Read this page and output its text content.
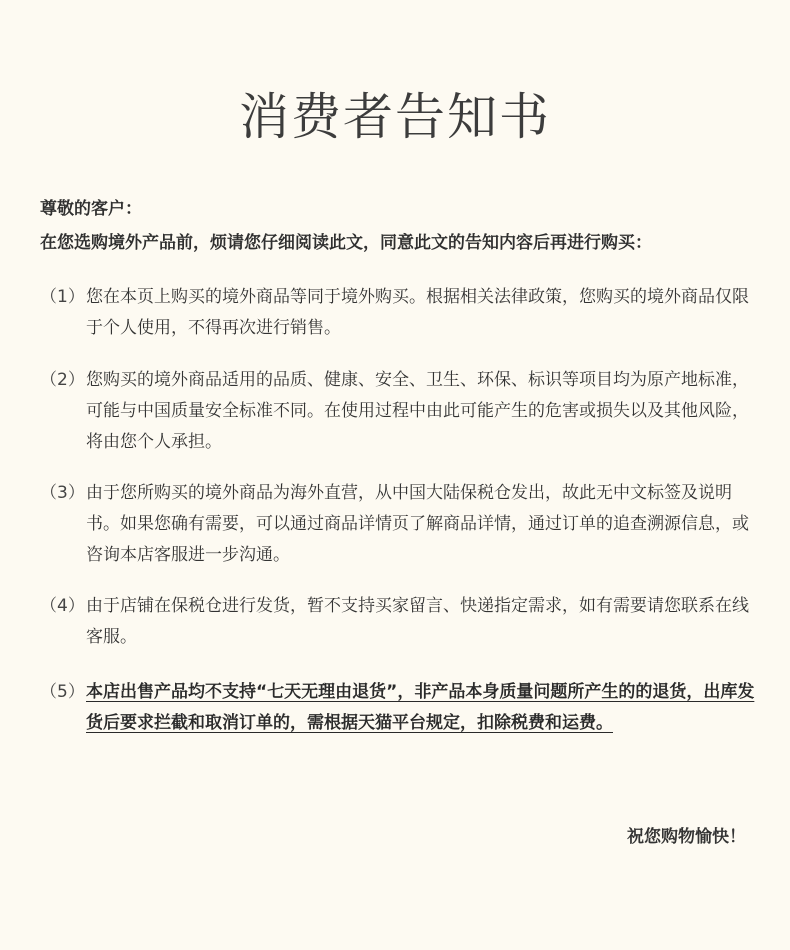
消费者告知书
尊敬的客户：
在您选购境外产品前，烦请您仔细阅读此文，同意此文的告知内容后再进行购买：
（1） 您在本页上购买的境外商品等同于境外购买。根据相关法律政策，您购买的境外商品仅限于个人使用，不得再次进行销售。
（2） 您购买的境外商品适用的品质、健康、安全、卫生、环保、标识等项目均为原产地标准，可能与中国质量安全标准不同。在使用过程中由此可能产生的危害或损失以及其他风险，将由您个人承担。
（3） 由于您所购买的境外商品为海外直营，从中国大陆保税仓发出，故此无中文标签及说明书。如果您确有需要，可以通过商品详情页了解商品详情，通过订单的追查溯源信息，或咨询本店客服进一步沟通。
（4） 由于店铺在保税仓进行发货，暂不支持买家留言、快递指定需求，如有需要请您联系在线客服。
（5） 本店出售产品均不支持“七天无理由退货”，非产品本身质量问题所产生的的退货，出库发货后要求拦截和取消订单的，需根据天猫平台规定，扣除税费和运费。
祝您购物愉快！
